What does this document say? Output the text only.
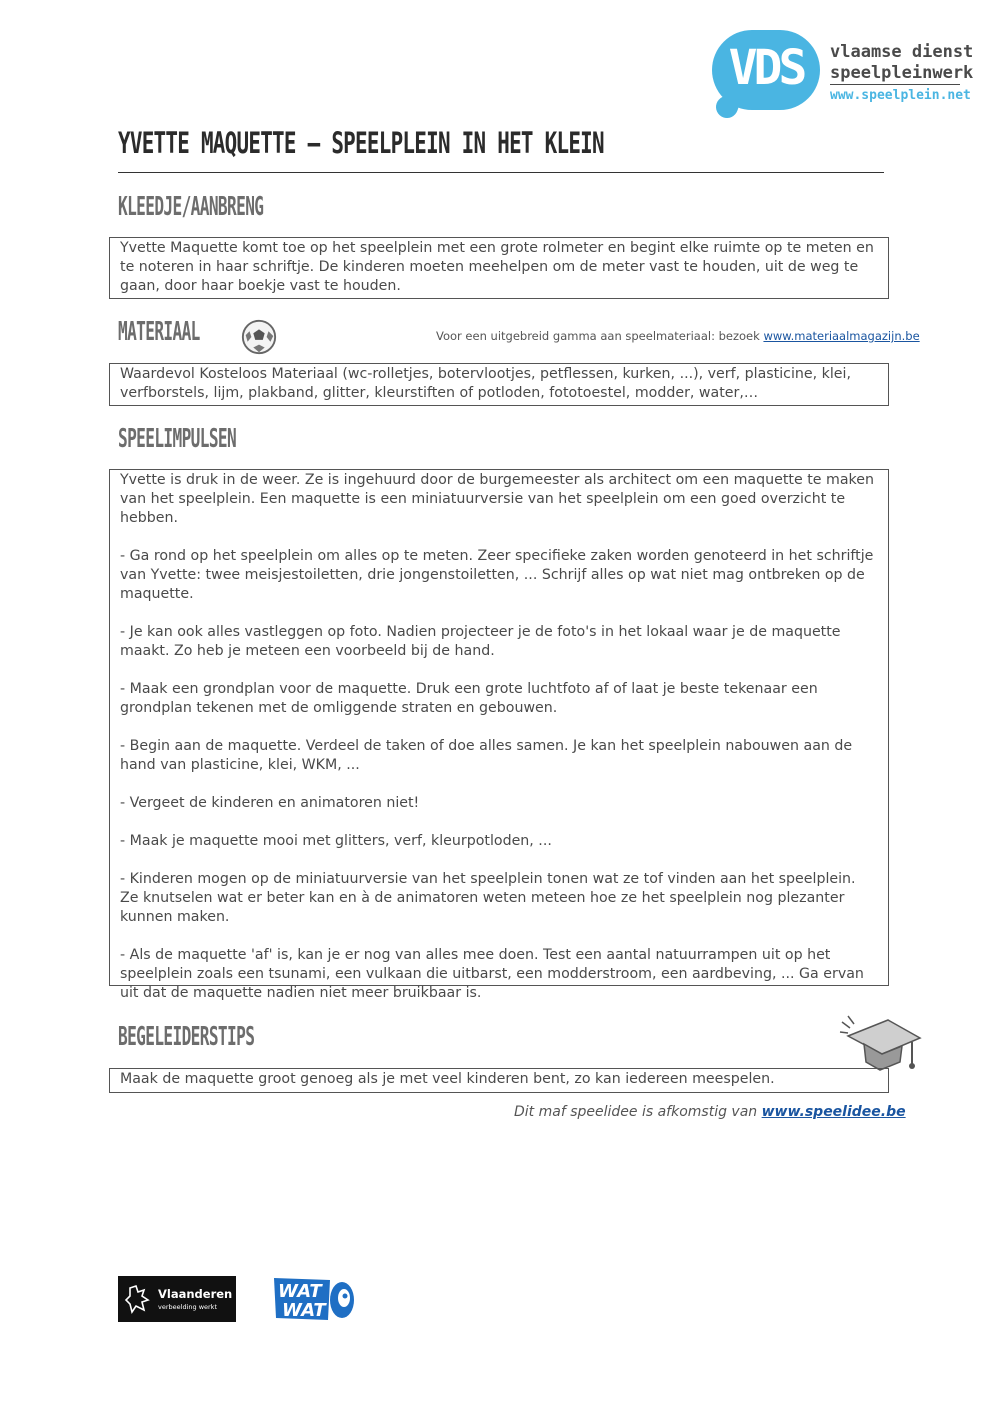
VDS	vlaamse dienst
speelpleinwerk
www.speelplein.net
YVETTE MAQUETTE – SPEELPLEIN IN HET KLEIN
KLEEDJE/AANBRENG

Yvette Maquette komt toe op het speelplein met een grote rolmeter en begint elke ruimte op te meten en te noteren in haar schriftje. De kinderen moeten meehelpen om de meter vast te houden, uit de weg te gaan, door haar boekje vast te houden.

MATERIAAL	Voor een uitgebreid gamma aan speelmateriaal: bezoek www.materiaalmagazijn.be

Waardevol Kosteloos Materiaal (wc-rolletjes, botervlootjes, petflessen, kurken, ...), verf, plasticine, klei, verfborstels, lijm, plakband, glitter, kleurstiften of potloden, fototoestel, modder, water,…

SPEELIMPULSEN

Yvette is druk in de weer. Ze is ingehuurd door de burgemeester als architect om een maquette te maken van het speelplein. Een maquette is een miniatuurversie van het speelplein om een goed overzicht te hebben.

- Ga rond op het speelplein om alles op te meten. Zeer specifieke zaken worden genoteerd in het schriftje van Yvette: twee meisjestoiletten, drie jongenstoiletten, ... Schrijf alles op wat niet mag ontbreken op de maquette.

- Je kan ook alles vastleggen op foto. Nadien projecteer je de foto's in het lokaal waar je de maquette maakt. Zo heb je meteen een voorbeeld bij de hand.

- Maak een grondplan voor de maquette. Druk een grote luchtfoto af of laat je beste tekenaar een grondplan tekenen met de omliggende straten en gebouwen.

- Begin aan de maquette. Verdeel de taken of doe alles samen. Je kan het speelplein nabouwen aan de hand van plasticine, klei, WKM, ...

- Vergeet de kinderen en animatoren niet!

- Maak je maquette mooi met glitters, verf, kleurpotloden, ...

- Kinderen mogen op de miniatuurversie van het speelplein tonen wat ze tof vinden aan het speelplein. Ze knutselen wat er beter kan en à de animatoren weten meteen hoe ze het speelplein nog plezanter kunnen maken.

- Als de maquette 'af' is, kan je er nog van alles mee doen. Test een aantal natuurrampen uit op het speelplein zoals een tsunami, een vulkaan die uitbarst, een modderstroom, een aardbeving, ... Ga ervan uit dat de maquette nadien niet meer bruikbaar is.

BEGELEIDERSTIPS

Maak de maquette groot genoeg als je met veel kinderen bent, zo kan iedereen meespelen.

Dit maf speelidee is afkomstig van www.speelidee.be
Vlaanderen
verbeelding werkt
WAT
WAT
